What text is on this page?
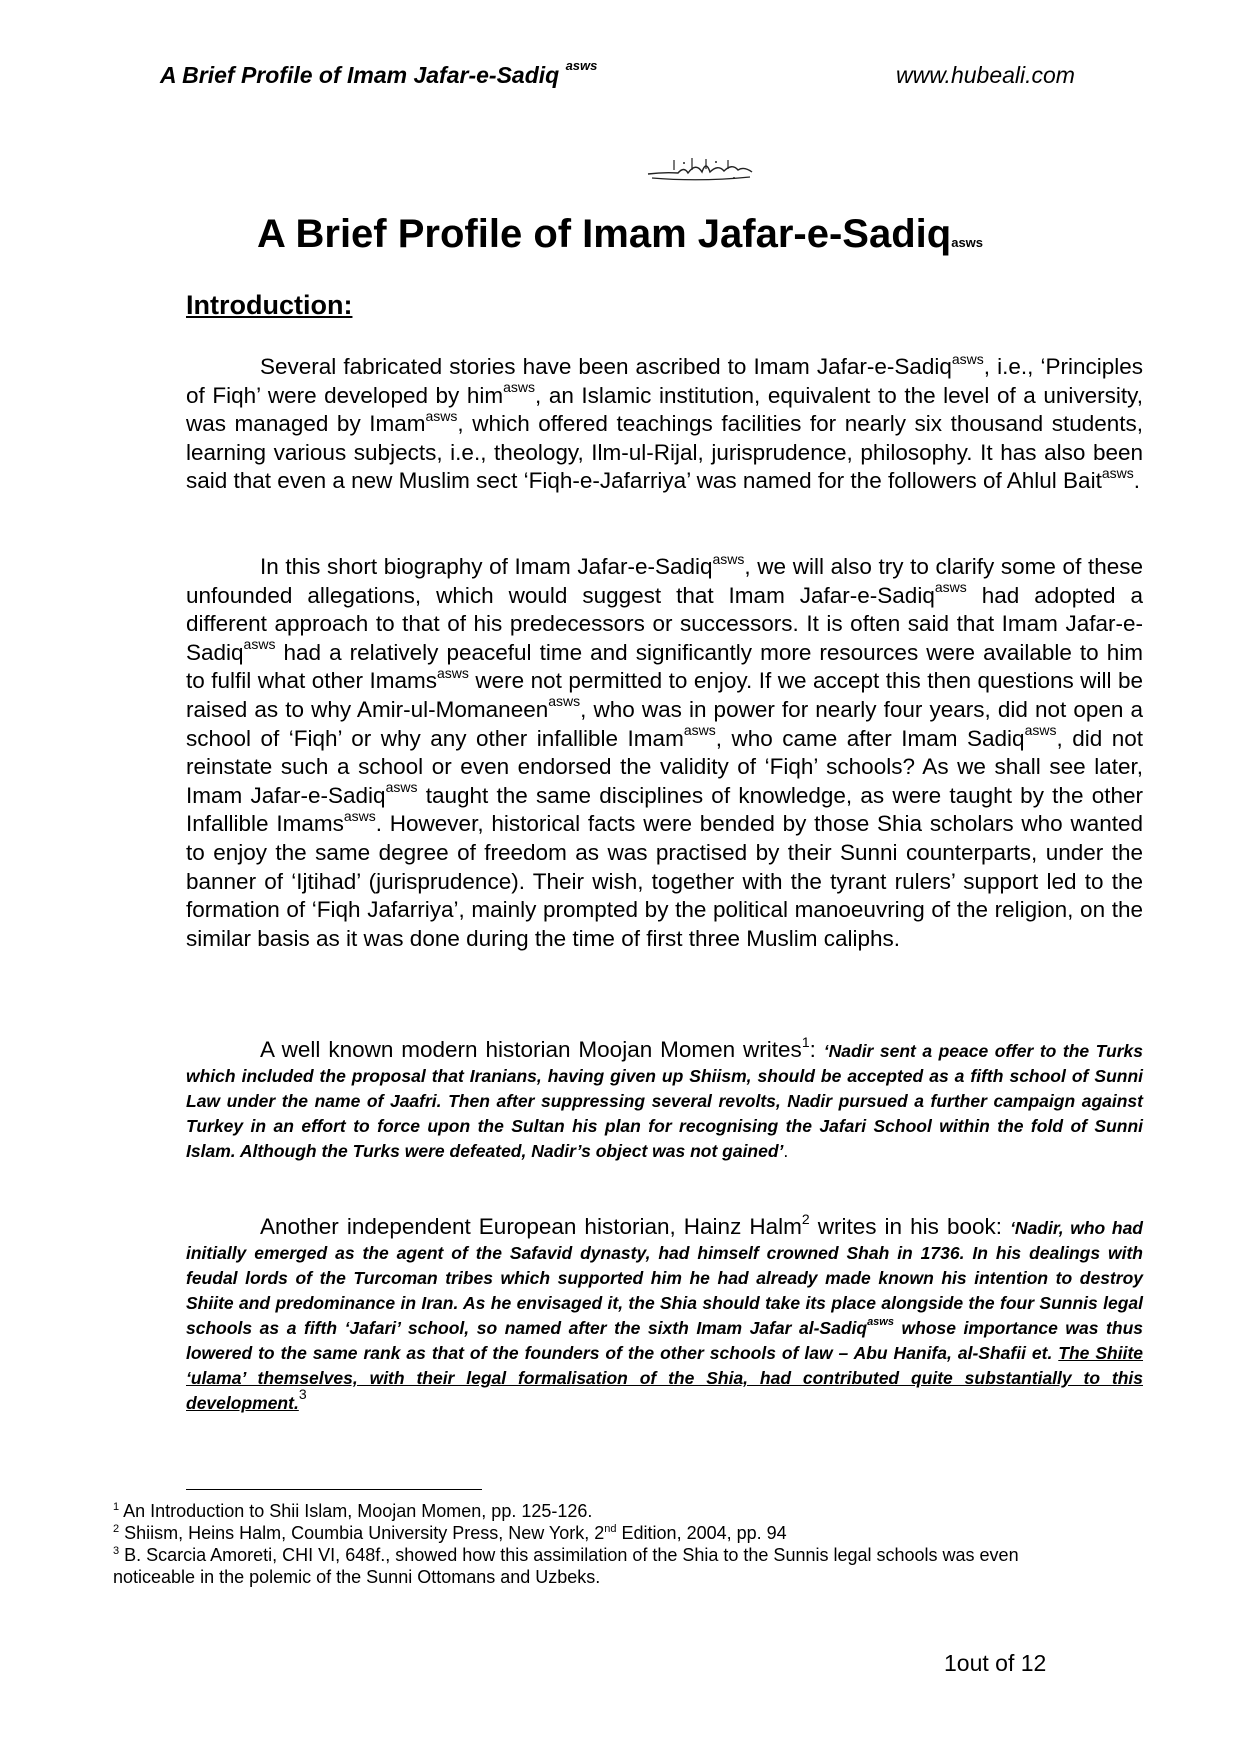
A Brief Profile of Imam Jafar-e-Sadiq $^{asws}$	www.hubeali.com
A Brief Profile of Imam Jafar-e-Sadiqasws
Introduction:

Several fabricated stories have been ascribed to Imam Jafar-e-Sadiq$^{asws}$, i.e., ‘Principles of Fiqh’ were developed by him$^{asws}$, an Islamic institution, equivalent to the level of a university, was managed by Imam$^{asws}$, which offered teachings facilities for nearly six thousand students, learning various subjects, i.e., theology, Ilm-ul-Rijal, jurisprudence, philosophy. It has also been said that even a new Muslim sect ‘Fiqh-e-Jafarriya’ was named for the followers of Ahlul Bait$^{asws}$.

In this short biography of Imam Jafar-e-Sadiq$^{asws}$, we will also try to clarify some of these unfounded allegations, which would suggest that Imam Jafar-e-Sadiq$^{asws}$ had adopted a different approach to that of his predecessors or successors. It is often said that Imam Jafar-e-Sadiq$^{asws}$ had a relatively peaceful time and significantly more resources were available to him to fulfil what other Imams$^{asws}$ were not permitted to enjoy. If we accept this then questions will be raised as to why Amir-ul-Momaneen$^{asws}$, who was in power for nearly four years, did not open a school of ‘Fiqh’ or why any other infallible Imam$^{asws}$, who came after Imam Sadiq$^{asws}$, did not reinstate such a school or even endorsed the validity of ‘Fiqh’ schools? As we shall see later, Imam Jafar-e-Sadiq$^{asws}$ taught the same disciplines of knowledge, as were taught by the other Infallible Imams$^{asws}$. However, historical facts were bended by those Shia scholars who wanted to enjoy the same degree of freedom as was practised by their Sunni counterparts, under the banner of ‘Ijtihad’ (jurisprudence). Their wish, together with the tyrant rulers’ support led to the formation of ‘Fiqh Jafarriya’, mainly prompted by the political manoeuvring of the religion, on the similar basis as it was done during the time of first three Muslim caliphs.

A well known modern historian Moojan Momen writes$^1$: ‘Nadir sent a peace offer to the Turks which included the proposal that Iranians, having given up Shiism, should be accepted as a fifth school of Sunni Law under the name of Jaafri. Then after suppressing several revolts, Nadir pursued a further campaign against Turkey in an effort to force upon the Sultan his plan for recognising the Jafari School within the fold of Sunni Islam. Although the Turks were defeated, Nadir’s object was not gained’.

Another independent European historian, Hainz Halm$^2$ writes in his book: ‘Nadir, who had initially emerged as the agent of the Safavid dynasty, had himself crowned Shah in 1736. In his dealings with feudal lords of the Turcoman tribes which supported him he had already made known his intention to destroy Shiite and predominance in Iran. As he envisaged it, the Shia should take its place alongside the four Sunnis legal schools as a fifth ‘Jafari’ school, so named after the sixth Imam Jafar al-Sadiq$^{asws}$ whose importance was thus lowered to the same rank as that of the founders of the other schools of law – Abu Hanifa, al-Shafii et. The Shiite ‘ulama’ themselves, with their legal formalisation of the Shia, had contributed quite substantially to this development.$^3$

$^1$ An Introduction to Shii Islam, Moojan Momen, pp. 125-126.

$^2$ Shiism, Heins Halm, Coumbia University Press, New York, 2nd Edition, 2004, pp. 94

$^3$ B. Scarcia Amoreti, CHI VI, 648f., showed how this assimilation of the Shia to the Sunnis legal schools was even noticeable in the polemic of the Sunni Ottomans and Uzbeks.

1out of 12
